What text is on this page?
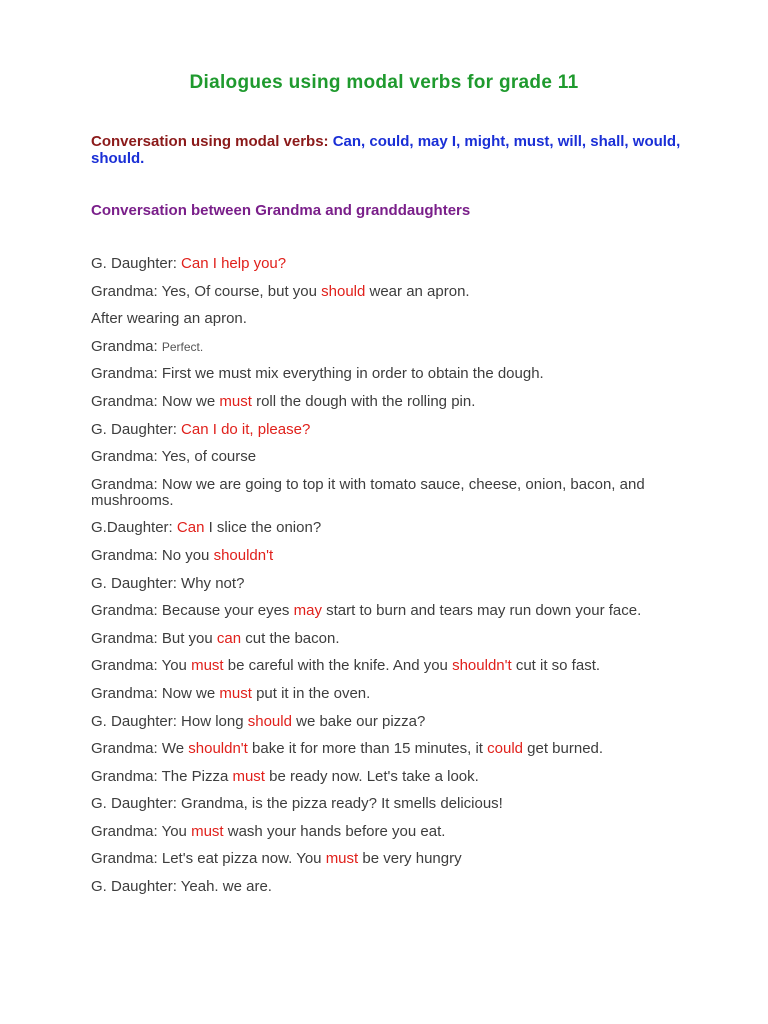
Dialogues using modal verbs for grade 11
Conversation using modal verbs: Can, could, may I, might, must, will, shall, would, should.
Conversation between Grandma and granddaughters
G. Daughter: Can I help you?
Grandma: Yes, Of course, but you should wear an apron.
After wearing an apron.
Grandma: Perfect.
Grandma: First we must mix everything in order to obtain the dough.
Grandma: Now we must roll the dough with the rolling pin.
G. Daughter: Can I do it, please?
Grandma: Yes, of course
Grandma: Now we are going to top it with tomato sauce, cheese, onion, bacon, and mushrooms.
G.Daughter: Can I slice the onion?
Grandma: No you shouldn't
G. Daughter: Why not?
Grandma: Because your eyes may start to burn and tears may run down your face.
Grandma: But you can cut the bacon.
Grandma: You must be careful with the knife. And you shouldn't cut it so fast.
Grandma: Now we must put it in the oven.
G. Daughter: How long should we bake our pizza?
Grandma: We shouldn't bake it for more than 15 minutes, it could get burned.
Grandma: The Pizza must be ready now. Let's take a look.
G. Daughter: Grandma, is the pizza ready? It smells delicious!
Grandma: You must wash your hands before you eat.
Grandma: Let's eat pizza now. You must be very hungry
G. Daughter: Yeah. we are.
